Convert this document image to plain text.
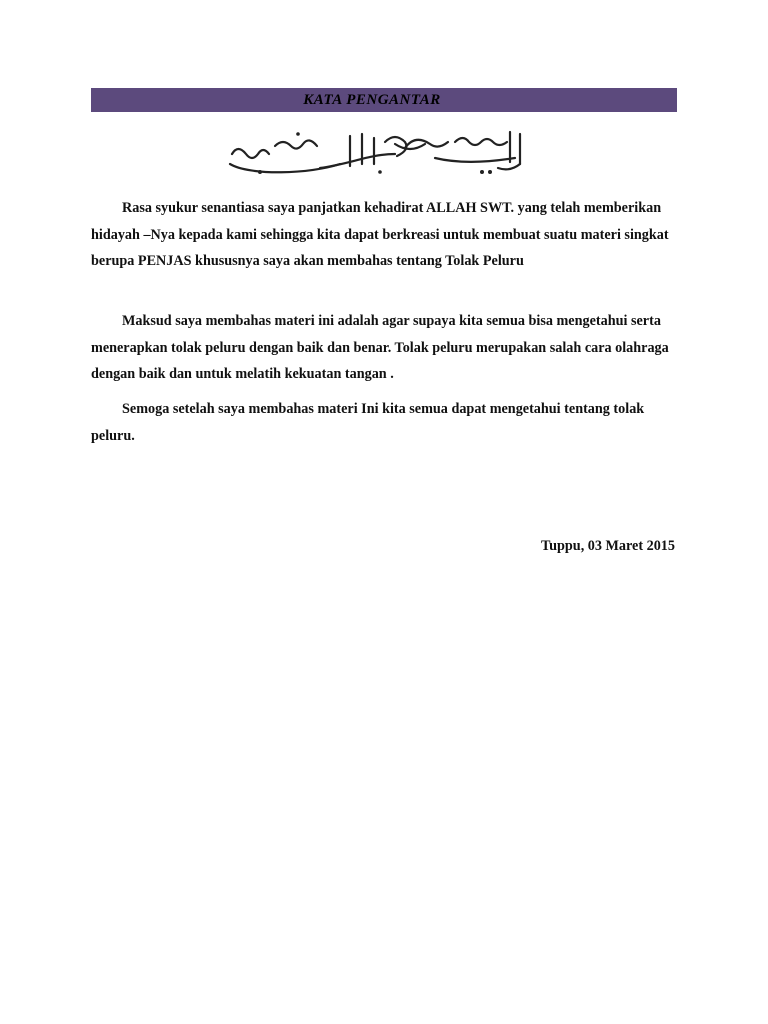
KATA PENGANTAR

Rasa syukur senantiasa saya panjatkan kehadirat ALLAH SWT. yang telah memberikan hidayah –Nya kepada kami sehingga kita dapat berkreasi untuk membuat suatu materi singkat berupa PENJAS khususnya saya akan membahas tentang Tolak Peluru

Maksud saya membahas materi ini adalah agar supaya kita semua bisa mengetahui serta menerapkan tolak peluru dengan baik dan benar. Tolak peluru merupakan salah cara olahraga dengan baik dan untuk melatih kekuatan tangan .

Semoga setelah saya membahas materi Ini kita semua dapat mengetahui tentang tolak peluru.

Tuppu, 03 Maret 2015
